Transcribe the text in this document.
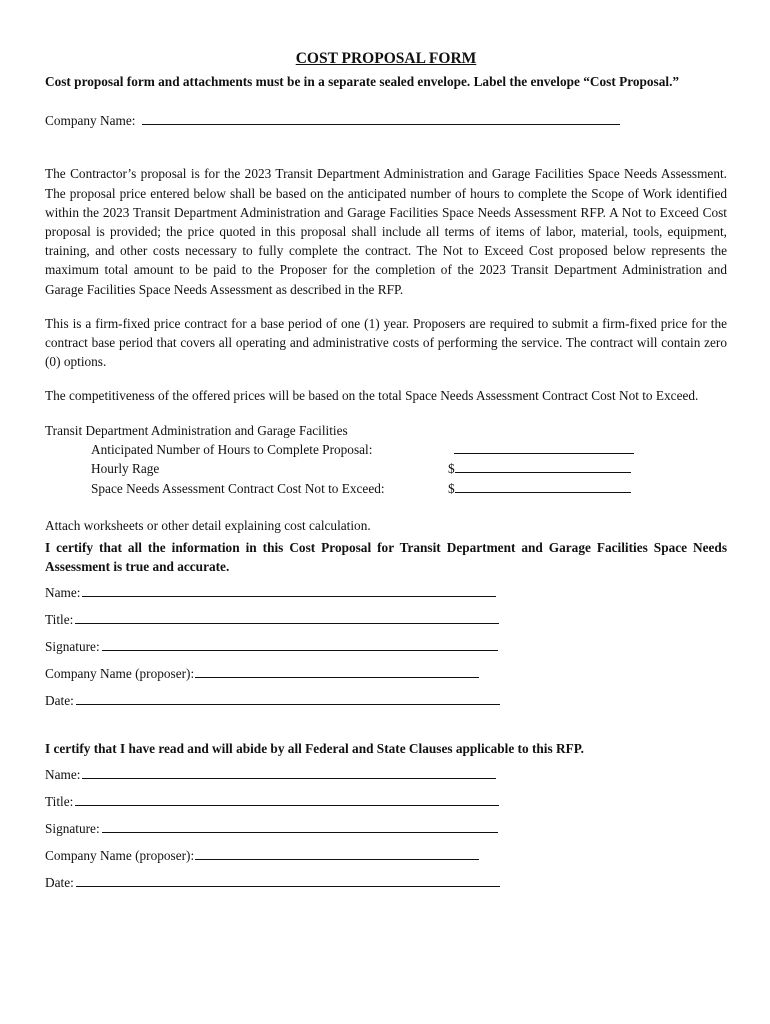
COST PROPOSAL FORM

Cost proposal form and attachments must be in a separate sealed envelope. Label the envelope “Cost Proposal.”

Company Name:

The Contractor’s proposal is for the 2023 Transit Department Administration and Garage Facilities Space Needs Assessment. The proposal price entered below shall be based on the anticipated number of hours to complete the Scope of Work identified within the 2023 Transit Department Administration and Garage Facilities Space Needs Assessment RFP. A Not to Exceed Cost proposal is provided; the price quoted in this proposal shall include all terms of items of labor, material, tools, equipment, training, and other costs necessary to fully complete the contract. The Not to Exceed Cost proposed below represents the maximum total amount to be paid to the Proposer for the completion of the 2023 Transit Department Administration and Garage Facilities Space Needs Assessment as described in the RFP.

This is a firm-fixed price contract for a base period of one (1) year. Proposers are required to submit a firm-fixed price for the contract base period that covers all operating and administrative costs of performing the service. The contract will contain zero (0) options.

The competitiveness of the offered prices will be based on the total Space Needs Assessment Contract Cost Not to Exceed.

Transit Department Administration and Garage Facilities
Anticipated Number of Hours to Complete Proposal:
Hourly Rage	$
Space Needs Assessment Contract Cost Not to Exceed:	$

Attach worksheets or other detail explaining cost calculation.

I certify that all the information in this Cost Proposal for Transit Department and Garage Facilities Space Needs Assessment is true and accurate.

Name:
Title:
Signature:
Company Name (proposer):
Date:

I certify that I have read and will abide by all Federal and State Clauses applicable to this RFP.

Name:
Title:
Signature:
Company Name (proposer):
Date:
